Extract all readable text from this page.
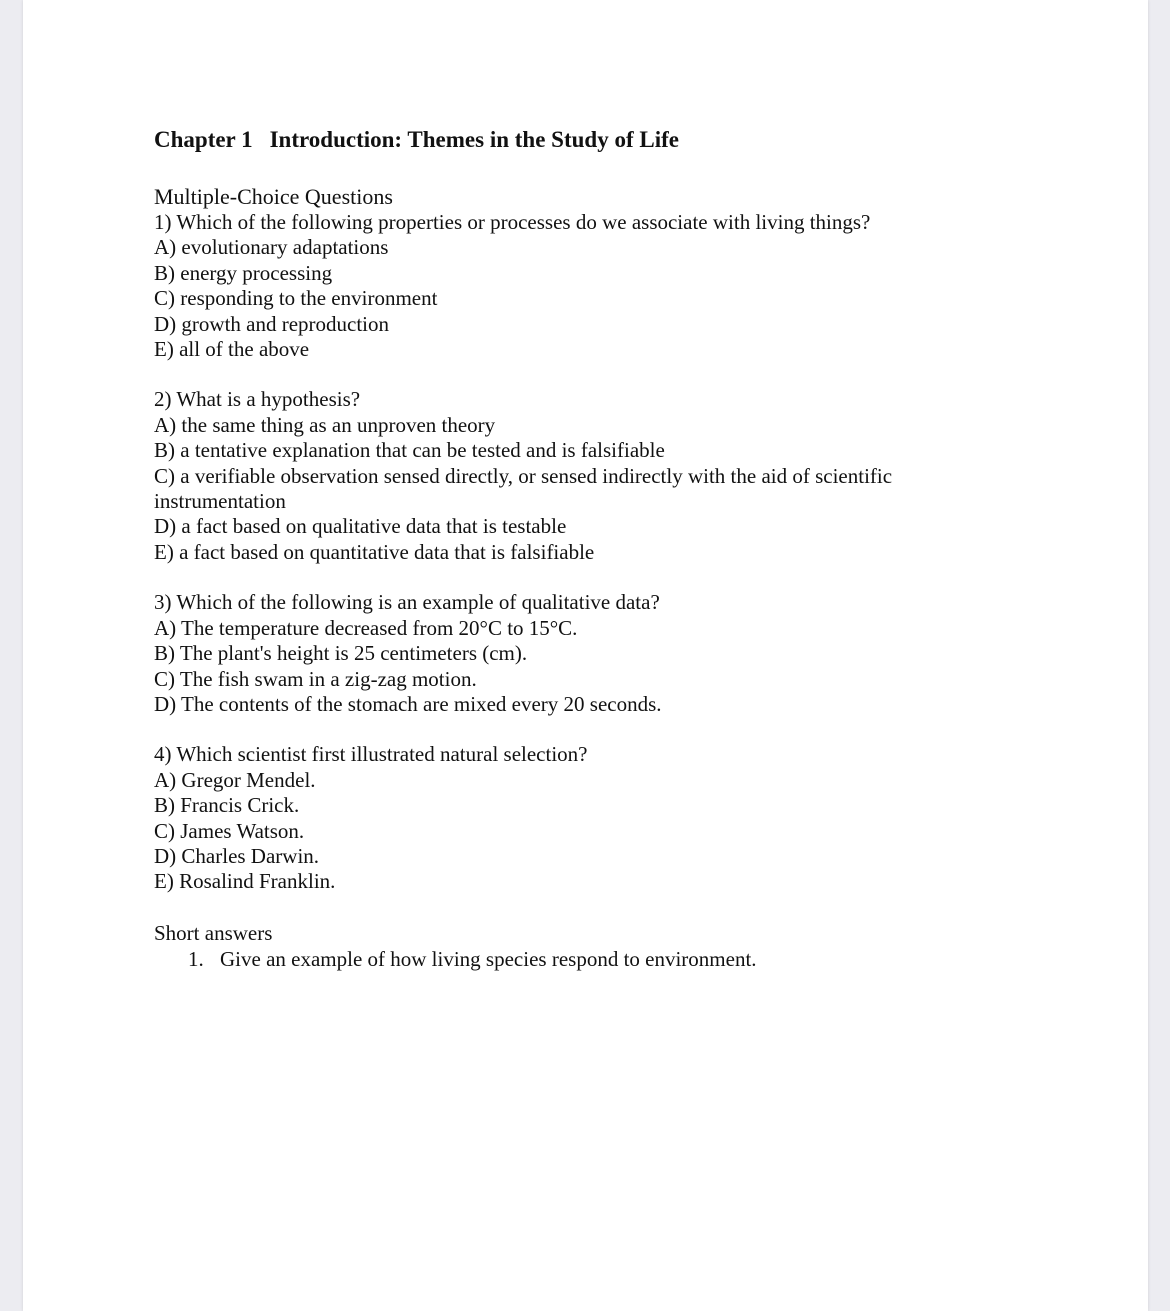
Chapter 1 Introduction: Themes in the Study of Life
Multiple-Choice Questions
1) Which of the following properties or processes do we associate with living things?
A) evolutionary adaptations
B) energy processing
C) responding to the environment
D) growth and reproduction
E) all of the above
2) What is a hypothesis?
A) the same thing as an unproven theory
B) a tentative explanation that can be tested and is falsifiable
C) a verifiable observation sensed directly, or sensed indirectly with the aid of scientific instrumentation
D) a fact based on qualitative data that is testable
E) a fact based on quantitative data that is falsifiable
3) Which of the following is an example of qualitative data?
A) The temperature decreased from 20°C to 15°C.
B) The plant's height is 25 centimeters (cm).
C) The fish swam in a zig-zag motion.
D) The contents of the stomach are mixed every 20 seconds.
4) Which scientist first illustrated natural selection?
A) Gregor Mendel.
B) Francis Crick.
C) James Watson.
D) Charles Darwin.
E) Rosalind Franklin.
Short answers
1. Give an example of how living species respond to environment.
